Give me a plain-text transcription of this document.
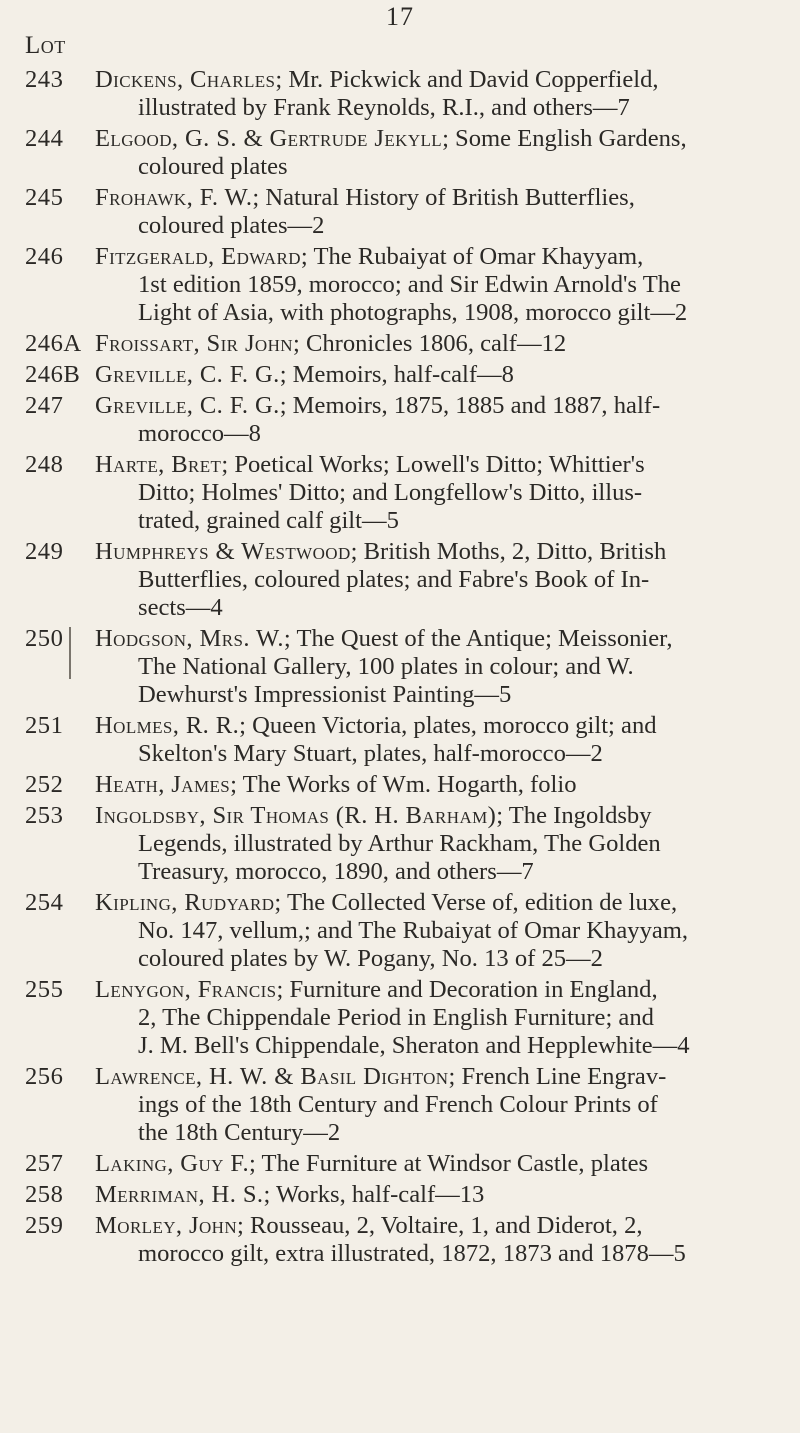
17
Lot
243	Dickens, Charles; Mr. Pickwick and David Copperfield,
illustrated by Frank Reynolds, R.I., and others—7
244	Elgood, G. S. & Gertrude Jekyll; Some English Gardens,
coloured plates
245	Frohawk, F. W.; Natural History of British Butterflies,
coloured plates—2
246	Fitzgerald, Edward; The Rubaiyat of Omar Khayyam,
1st edition 1859, morocco; and Sir Edwin Arnold's The
Light of Asia, with photographs, 1908, morocco gilt—2
246A Froissart, Sir John; Chronicles 1806, calf—12
246B Greville, C. F. G.; Memoirs, half-calf—8
247	Greville, C. F. G.; Memoirs, 1875, 1885 and 1887, half-
morocco—8
248	Harte, Bret; Poetical Works; Lowell's Ditto; Whittier's
Ditto; Holmes' Ditto; and Longfellow's Ditto, illus-
trated, grained calf gilt—5
249	Humphreys & Westwood; British Moths, 2, Ditto, British
Butterflies, coloured plates; and Fabre's Book of In-
sects—4
250 Hodgson, Mrs. W.; The Quest of the Antique; Meissonier,
The National Gallery, 100 plates in colour; and W.
Dewhurst's Impressionist Painting—5
251	Holmes, R. R.; Queen Victoria, plates, morocco gilt; and
Skelton's Mary Stuart, plates, half-morocco—2
252	Heath, James; The Works of Wm. Hogarth, folio
253	Ingoldsby, Sir Thomas (R. H. Barham); The Ingoldsby
Legends, illustrated by Arthur Rackham, The Golden
Treasury, morocco, 1890, and others—7
254	Kipling, Rudyard; The Collected Verse of, edition de luxe,
No. 147, vellum,; and The Rubaiyat of Omar Khayyam,
coloured plates by W. Pogany, No. 13 of 25—2
255	Lenygon, Francis; Furniture and Decoration in England,
2, The Chippendale Period in English Furniture; and
J. M. Bell's Chippendale, Sheraton and Hepplewhite—4
256	Lawrence, H. W. & Basil Dighton; French Line Engrav-
ings of the 18th Century and French Colour Prints of
the 18th Century—2
257	Laking, Guy F.; The Furniture at Windsor Castle, plates
258	Merriman, H. S.; Works, half-calf—13
259	Morley, John; Rousseau, 2, Voltaire, 1, and Diderot, 2,
morocco gilt, extra illustrated, 1872, 1873 and 1878—5
